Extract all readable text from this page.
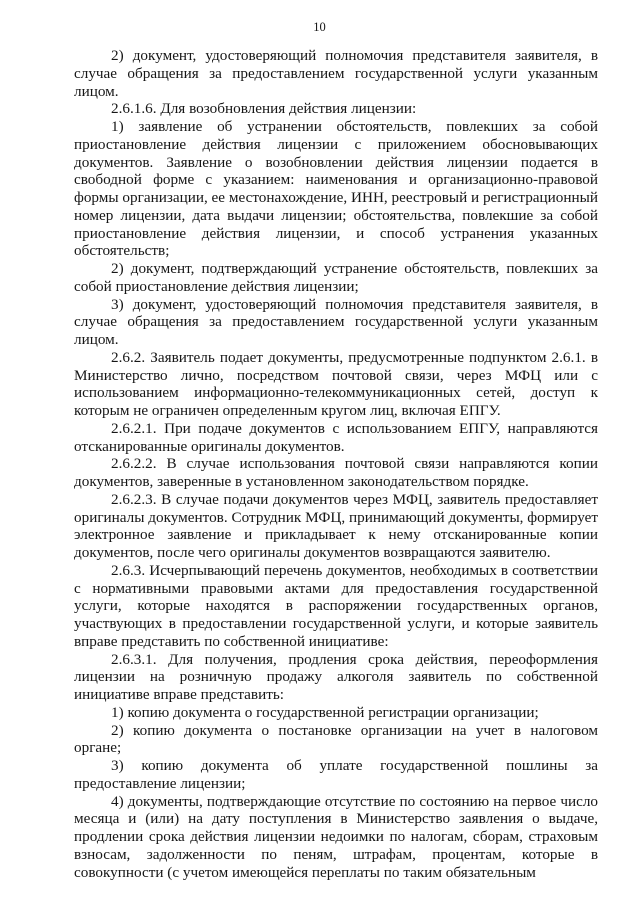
10

2) документ, удостоверяющий полномочия представителя заявителя, в случае обращения за предоставлением государственной услуги указанным лицом.

2.6.1.6. Для возобновления действия лицензии:

1) заявление об устранении обстоятельств, повлекших за собой приостановление действия лицензии с приложением обосновывающих документов. Заявление о возобновлении действия лицензии подается в свободной форме с указанием: наименования и организационно-правовой формы организации, ее местонахождение, ИНН, реестровый и регистрационный номер лицензии, дата выдачи лицензии; обстоятельства, повлекшие за собой приостановление действия лицензии, и способ устранения указанных обстоятельств;

2) документ, подтверждающий устранение обстоятельств, повлекших за собой приостановление действия лицензии;

3) документ, удостоверяющий полномочия представителя заявителя, в случае обращения за предоставлением государственной услуги указанным лицом.

2.6.2. Заявитель подает документы, предусмотренные подпунктом 2.6.1. в Министерство лично, посредством почтовой связи, через МФЦ или с использованием информационно-телекоммуникационных сетей, доступ к которым не ограничен определенным кругом лиц, включая ЕПГУ.

2.6.2.1. При подаче документов с использованием ЕПГУ, направляются отсканированные оригиналы документов.

2.6.2.2. В случае использования почтовой связи направляются копии документов, заверенные в установленном законодательством порядке.

2.6.2.3. В случае подачи документов через МФЦ, заявитель предоставляет оригиналы документов. Сотрудник МФЦ, принимающий документы, формирует электронное заявление и прикладывает к нему отсканированные копии документов, после чего оригиналы документов возвращаются заявителю.

2.6.3. Исчерпывающий перечень документов, необходимых в соответствии с нормативными правовыми актами для предоставления государственной услуги, которые находятся в распоряжении государственных органов, участвующих в предоставлении государственной услуги, и которые заявитель вправе представить по собственной инициативе:

2.6.3.1. Для получения, продления срока действия, переоформления лицензии на розничную продажу алкоголя заявитель по собственной инициативе вправе представить:

1) копию документа о государственной регистрации организации;

2) копию документа о постановке организации на учет в налоговом органе;

3) копию документа об уплате государственной пошлины за предоставление лицензии;

4) документы, подтверждающие отсутствие по состоянию на первое число месяца и (или) на дату поступления в Министерство заявления о выдаче, продлении срока действия лицензии недоимки по налогам, сборам, страховым взносам, задолженности по пеням, штрафам, процентам, которые в совокупности (с учетом имеющейся переплаты по таким обязательным
